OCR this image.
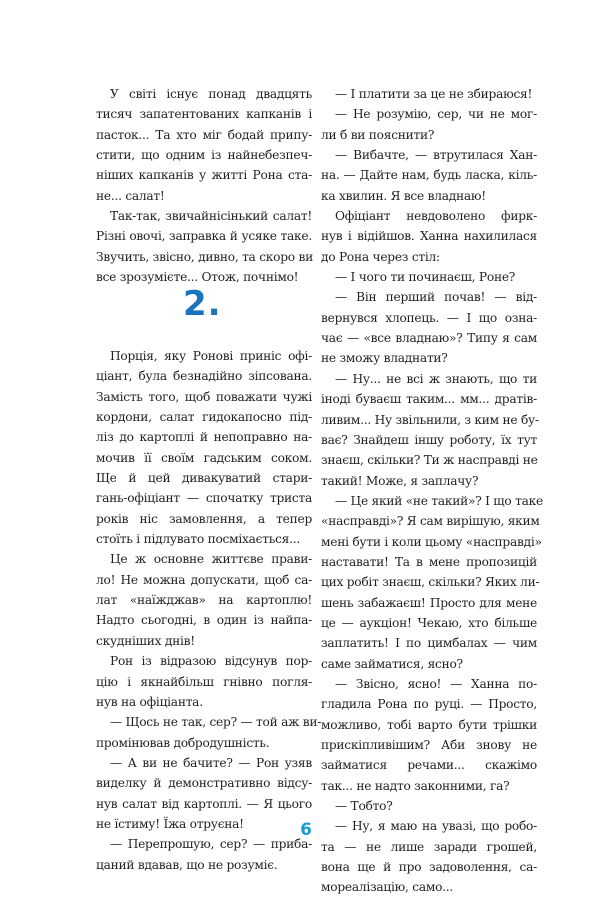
У світі існує понад двадцять
тисяч запатентованих капканів і
пасток... Та хто міг бодай припу-
стити, що одним із найнебезпеч-
ніших капканів у житті Рона ста-
не... салат!
Так-так, звичайнісінький салат!
Різні овочі, заправка й усяке таке.
Звучить, звісно, дивно, та скоро ви
все зрозумієте... Отож, почнімо!
2.
Порція, яку Ронові приніс офі-
ціант, була безнадійно зіпсована.
Замість того, щоб поважати чужі
кордони, салат гидокапосно під-
ліз до картоплі й непоправно на-
мочив її своїм гадським соком.
Ще й цей дивакуватий стари-
гань-офіціант — спочатку триста
років ніс замовлення, а тепер
стоїть і підлувато посміхається...
Це ж основне життєве прави-
ло! Не можна допускати, щоб са-
лат «наїжджав» на картоплю!
Надто сьогодні, в один із найпа-
скудніших днів!
Рон із відразою відсунув пор-
цію і якнайбільш гнівно погля-
нув на офіціанта.
— Щось не так, сер? — той аж ви-
промінював добродушність.
— А ви не бачите? — Рон узяв
виделку й демонстративно відсу-
нув салат від картоплі. — Я цього
не їстиму! Їжа отруєна!
— Перепрошую, сер? — приба-
цаний вдавав, що не розуміє.
— І платити за це не збираюся!
— Не розумію, сер, чи не мог-
ли б ви пояснити?
— Вибачте, — втрутилася Хан-
на. — Дайте нам, будь ласка, кіль-
ка хвилин. Я все владнаю!
Офіціант невдоволено фирк-
нув і відійшов. Ханна нахилилася
до Рона через стіл:
— І чого ти починаєш, Роне?
— Він перший почав! — від-
вернувся хлопець. — І що озна-
чає — «все владнаю»? Типу я сам
не зможу владнати?
— Ну... не всі ж знають, що ти
іноді буваєш таким... мм... дратів-
ливим... Ну звільнили, з ким не бу-
ває? Знайдеш іншу роботу, їх тут
знаєш, скільки? Ти ж насправді не
такий! Може, я заплачу?
— Це який «не такий»? І що таке
«насправді»? Я сам вирішую, яким
мені бути і коли цьому «насправді»
наставати! Та в мене пропозицій
цих робіт знаєш, скільки? Яких ли-
шень забажаєш! Просто для мене
це — аукціон! Чекаю, хто більше
заплатить! І по цимбалах — чим
саме займатися, ясно?
— Звісно, ясно! — Ханна по-
гладила Рона по руці. — Просто,
можливо, тобі варто бути трішки
прискіпливішим? Аби знову не
займатися речами... скажімо
так... не надто законними, га?
— Тобто?
— Ну, я маю на увазі, що робо-
та — не лише заради грошей,
вона ще й про задоволення, са-
мореалізацію, само...
6
